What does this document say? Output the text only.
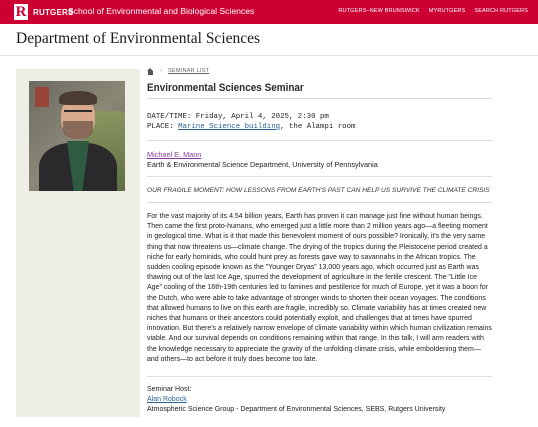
R RUTGERS
School of Environmental and Biological Sciences	RUTGERS–NEW BRUNSWICK MYRUTGERS SEARCH RUTGERS
Department of Environmental Sciences
› SEMINAR LIST
Environmental Sciences Seminar
DATE/TIME: Friday, April 4, 2025, 2:30 pm
PLACE: Marine Science building, the Alampi room
Michael E. Mann
Earth & Environmental Science Department, University of Pennsylvania
OUR FRAGILE MOMENT: HOW LESSONS FROM EARTH'S PAST CAN HELP US SURVIVE THE CLIMATE CRISIS

For the vast majority of its 4.54 billion years, Earth has proven it can manage just fine without human beings. Then came the first proto-humans, who emerged just a little more than 2 million years ago—a fleeting moment in geological time. What is it that made this benevolent moment of ours possible? Ironically, it's the very same thing that now threatens us—climate change. The drying of the tropics during the Pleistocene period created a niche for early hominids, who could hunt prey as forests gave way to savannahs in the African tropics. The sudden cooling episode known as the "Younger Dryas" 13,000 years ago, which occurred just as Earth was thawing out of the last Ice Age, spurred the development of agriculture in the fertile crescent. The "Little Ice Age" cooling of the 16th-19th centuries led to famines and pestilence for much of Europe, yet it was a boon for the Dutch, who were able to take advantage of stronger winds to shorten their ocean voyages. The conditions that allowed humans to live on this earth are fragile, incredibly so. Climate variability has at times created new niches that humans or their ancestors could potentially exploit, and challenges that at times have spurred innovation. But there's a relatively narrow envelope of climate variability within which human civilization remains viable. And our survival depends on conditions remaining within that range. In this talk, I will arm readers with the knowledge necessary to appreciate the gravity of the unfolding climate crisis, while emboldening them—and others—to act before it truly does become too late.

Seminar Host:
Alan Robock
Atmospheric Science Group - Department of Environmental Sciences, SEBS, Rutgers University
